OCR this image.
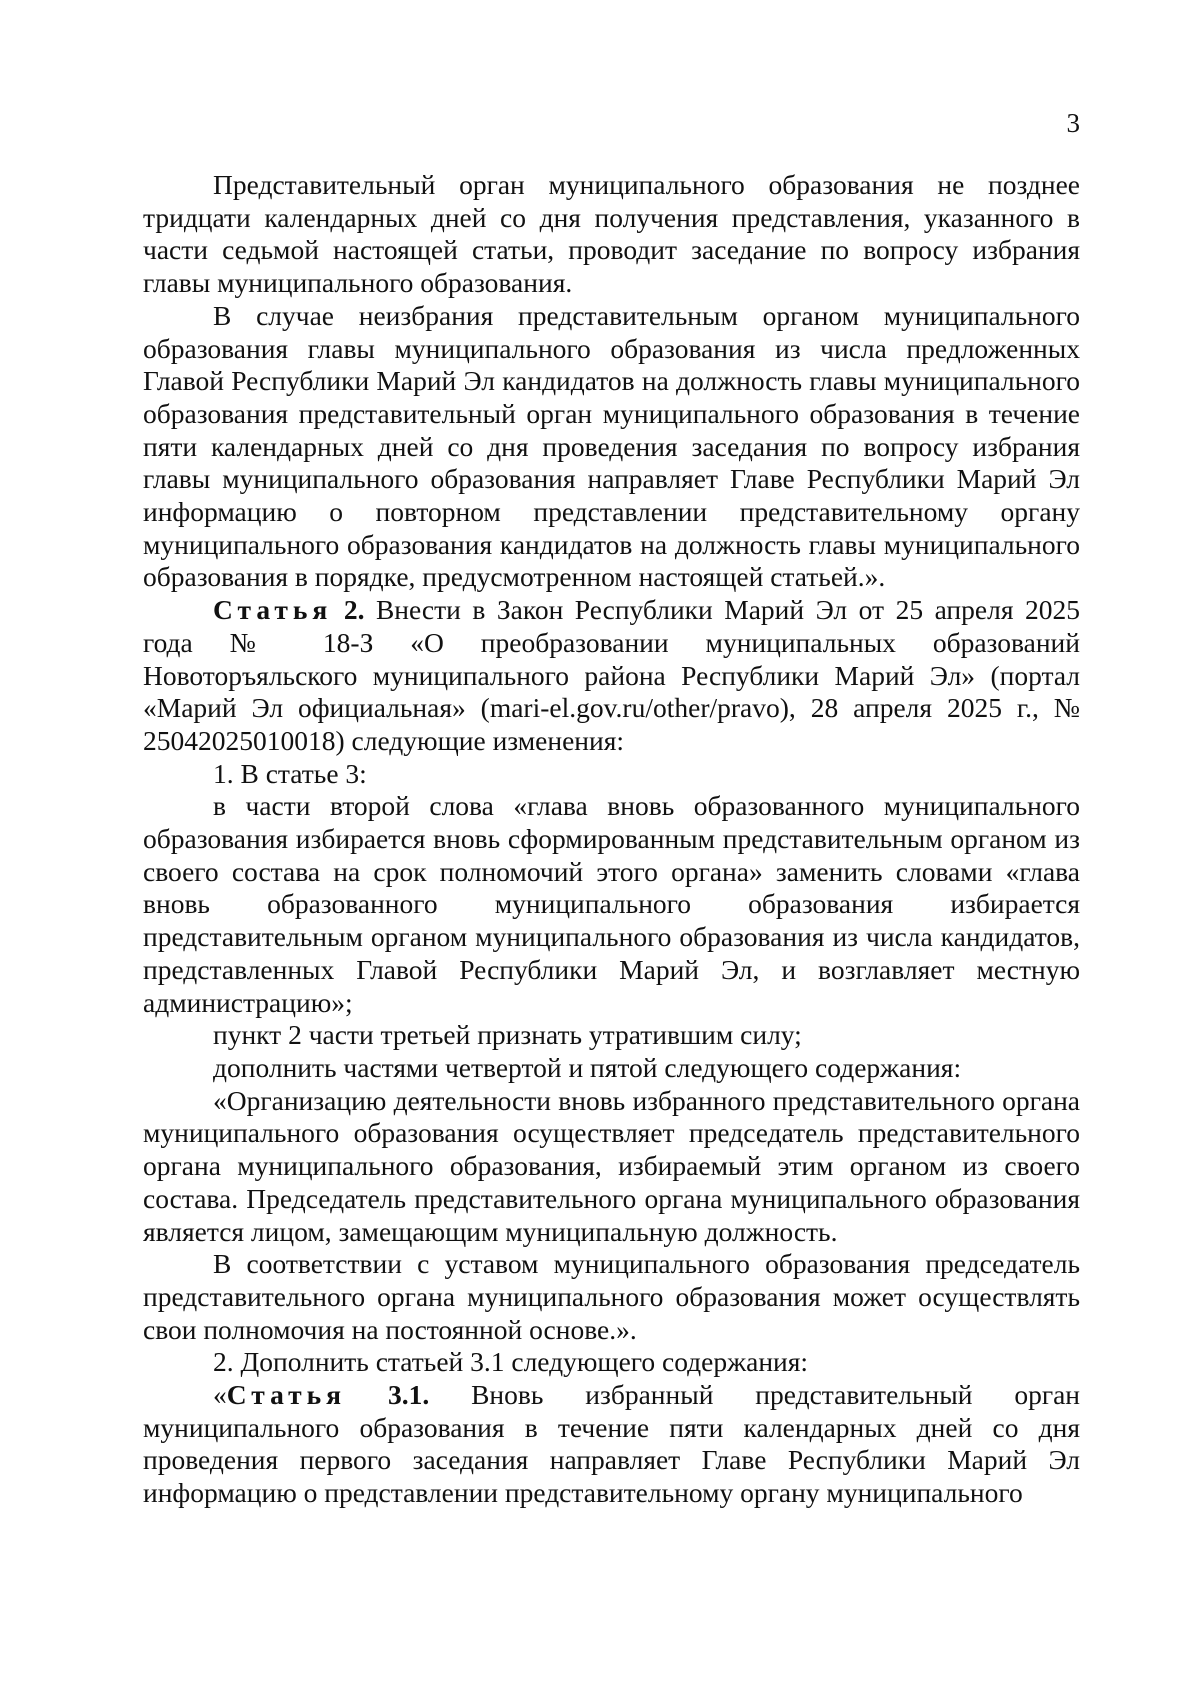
3

Представительный орган муниципального образования не позднее тридцати календарных дней со дня получения представления, указанного в части седьмой настоящей статьи, проводит заседание по вопросу избрания главы муниципального образования.

В случае неизбрания представительным органом муниципального образования главы муниципального образования из числа предложенных Главой Республики Марий Эл кандидатов на должность главы муниципального образования представительный орган муниципального образования в течение пяти календарных дней со дня проведения заседания по вопросу избрания главы муниципального образования направляет Главе Республики Марий Эл информацию о повторном представлении представительному органу муниципального образования кандидатов на должность главы муниципального образования в порядке, предусмотренном настоящей статьей.».

Статья 2. Внести в Закон Республики Марий Эл от 25 апреля 2025 года № 18-З «О преобразовании муниципальных образований Новоторъяльского муниципального района Республики Марий Эл» (портал «Марий Эл официальная» (mari-el.gov.ru/other/pravo), 28 апреля 2025 г., № 25042025010018) следующие изменения:

1. В статье 3:

в части второй слова «глава вновь образованного муниципального образования избирается вновь сформированным представительным органом из своего состава на срок полномочий этого органа» заменить словами «глава вновь образованного муниципального образования избирается представительным органом муниципального образования из числа кандидатов, представленных Главой Республики Марий Эл, и возглавляет местную администрацию»;

пункт 2 части третьей признать утратившим силу;

дополнить частями четвертой и пятой следующего содержания:

«Организацию деятельности вновь избранного представительного органа муниципального образования осуществляет председатель представительного органа муниципального образования, избираемый этим органом из своего состава. Председатель представительного органа муниципального образования является лицом, замещающим муниципальную должность.

В соответствии с уставом муниципального образования председатель представительного органа муниципального образования может осуществлять свои полномочия на постоянной основе.».

2. Дополнить статьей 3.1 следующего содержания:

«Статья 3.1. Вновь избранный представительный орган муниципального образования в течение пяти календарных дней со дня проведения первого заседания направляет Главе Республики Марий Эл информацию о представлении представительному органу муниципального
